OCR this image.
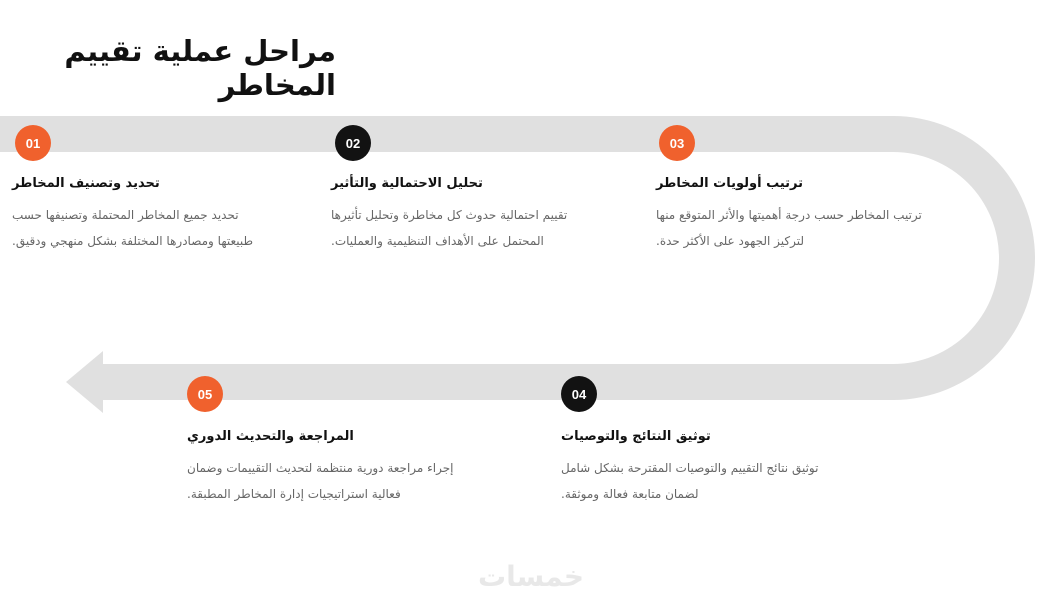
مراحل عملية تقييم المخاطر
01
تحديد وتصنيف المخاطر

تحديد جميع المخاطر المحتملة وتصنيفها حسب

طبيعتها ومصادرها المختلفة بشكل منهجي ودقيق.

02
تحليل الاحتمالية والتأثير

تقييم احتمالية حدوث كل مخاطرة وتحليل تأثيرها

المحتمل على الأهداف التنظيمية والعمليات.

03
ترتيب أولويات المخاطر

ترتيب المخاطر حسب درجة أهميتها والأثر المتوقع منها

لتركيز الجهود على الأكثر حدة.

04
توثيق النتائج والتوصيات

توثيق نتائج التقييم والتوصيات المقترحة بشكل شامل

لضمان متابعة فعالة وموثقة.

05
المراجعة والتحديث الدوري

إجراء مراجعة دورية منتظمة لتحديث التقييمات وضمان

فعالية استراتيجيات إدارة المخاطر المطبقة.

خمسات
